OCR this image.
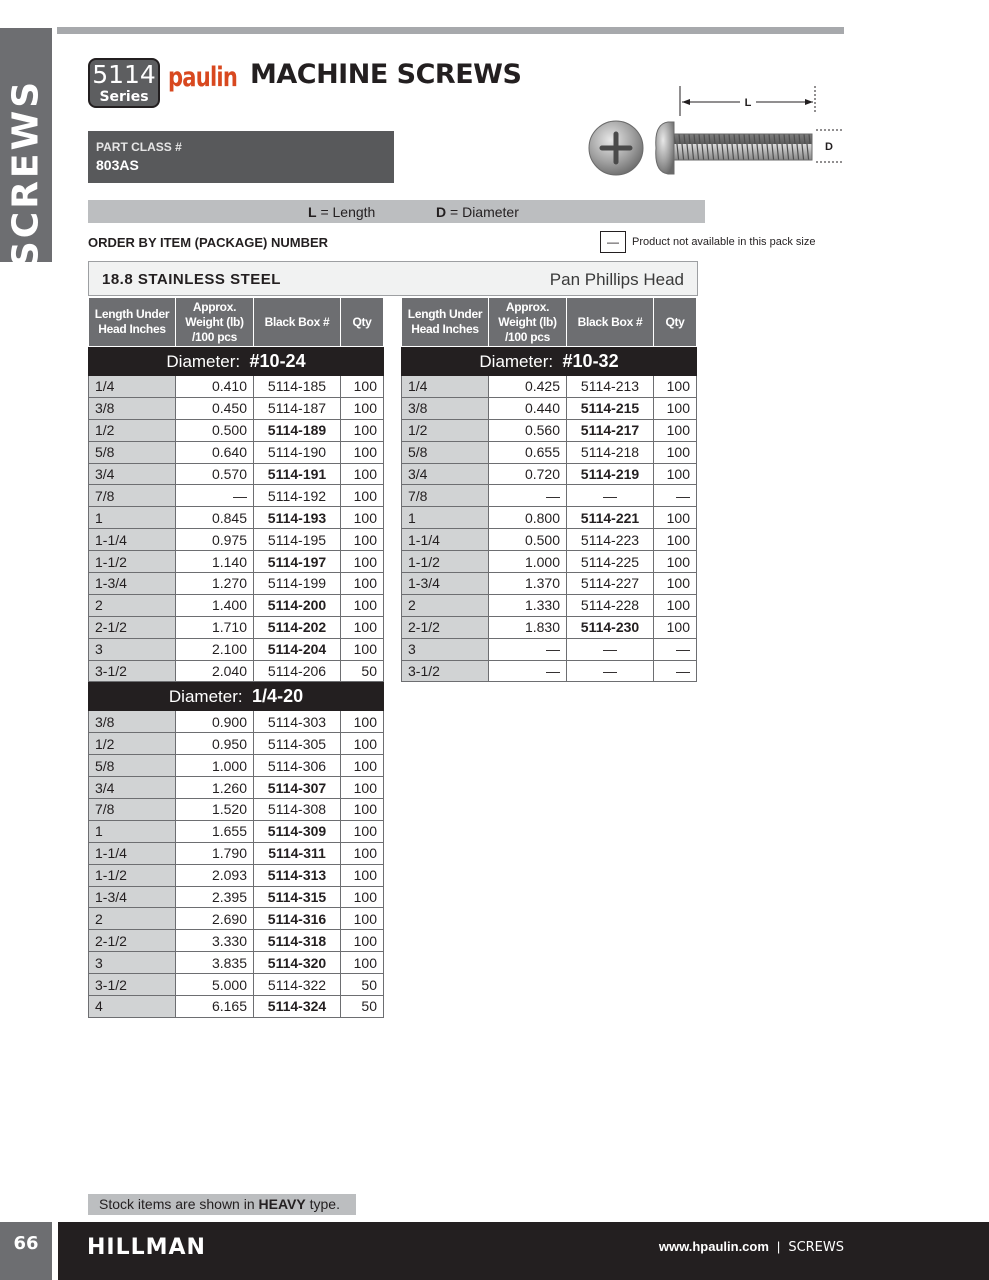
SCREWS
5114
Series
paulin MACHINE SCREWS
PART CLASS #
803AS
L
D
L = Length	D = Diameter
ORDER BY ITEM (PACKAGE) NUMBER	—	Product not available in this pack size
18.8 STAINLESS STEEL	Pan Phillips Head
Length Under Head Inches	Approx. Weight (lb) /100 pcs	Black Box #	Qty
Diameter: #10-24			
1/4	0.410	5114-185	100
3/8	0.450	5114-187	100
1/2	0.500	5114-189	100
5/8	0.640	5114-190	100
3/4	0.570	5114-191	100
7/8	—	5114-192	100
1	0.845	5114-193	100
1-1/4	0.975	5114-195	100
1-1/2	1.140	5114-197	100
1-3/4	1.270	5114-199	100
2	1.400	5114-200	100
2-1/2	1.710	5114-202	100
3	2.100	5114-204	100
3-1/2	2.040	5114-206	50
Diameter: 1/4-20			
3/8	0.900	5114-303	100
1/2	0.950	5114-305	100
5/8	1.000	5114-306	100
3/4	1.260	5114-307	100
7/8	1.520	5114-308	100
1	1.655	5114-309	100
1-1/4	1.790	5114-311	100
1-1/2	2.093	5114-313	100
1-3/4	2.395	5114-315	100
2	2.690	5114-316	100
2-1/2	3.330	5114-318	100
3	3.835	5114-320	100
3-1/2	5.000	5114-322	50
4	6.165	5114-324	50
Length Under Head Inches	Approx. Weight (lb) /100 pcs	Black Box #	Qty
Diameter: #10-32			
1/4	0.425	5114-213	100
3/8	0.440	5114-215	100
1/2	0.560	5114-217	100
5/8	0.655	5114-218	100
3/4	0.720	5114-219	100
7/8	—	—	—
1	0.800	5114-221	100
1-1/4	0.500	5114-223	100
1-1/2	1.000	5114-225	100
1-3/4	1.370	5114-227	100
2	1.330	5114-228	100
2-1/2	1.830	5114-230	100
3	—	—	—
3-1/2	—	—	—
Stock items are shown in HEAVY type.
66	HILLMAN	www.hpaulin.com | SCREWS
